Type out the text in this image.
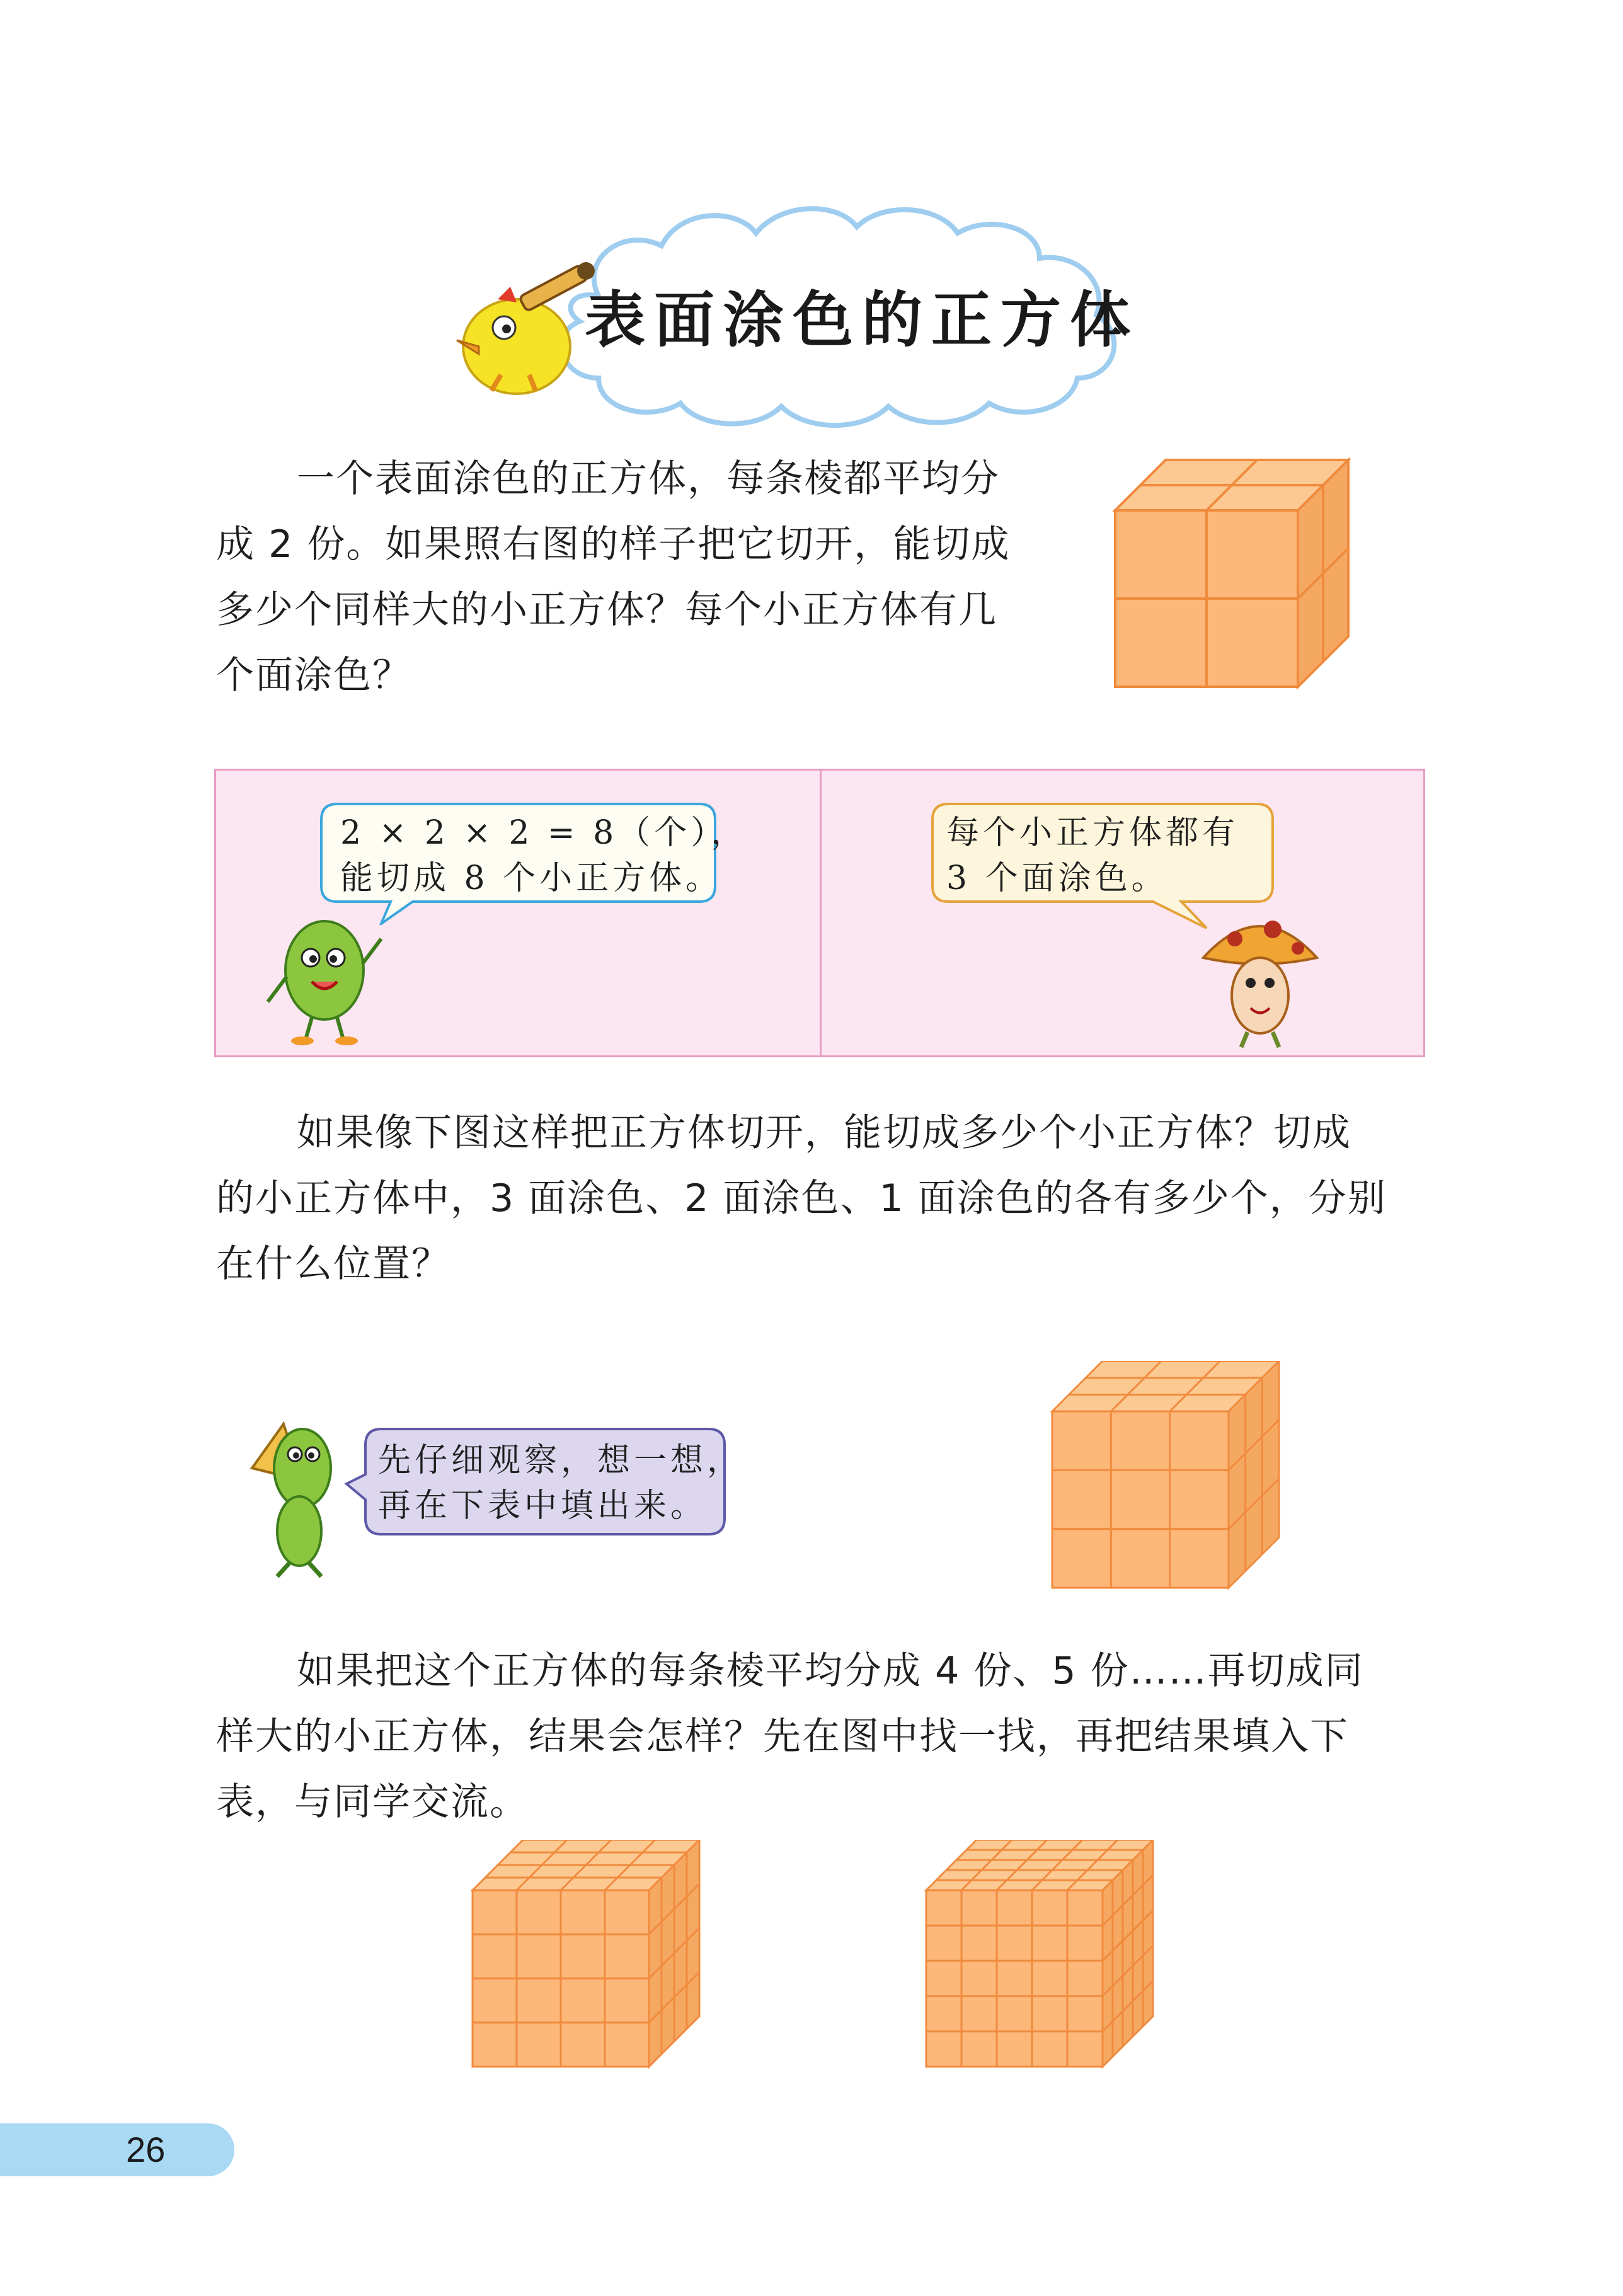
表面涂色的正方体
一个表面涂色的正方体，每条棱都平均分
成 2 份。如果照右图的样子把它切开，能切成
多少个同样大的小正方体？每个小正方体有几
个面涂色？
2 × 2 × 2 = 8（个），
能切成 8 个小正方体。
每个小正方体都有
3 个面涂色。
如果像下图这样把正方体切开，能切成多少个小正方体？切成
的小正方体中，3 面涂色、2 面涂色、1 面涂色的各有多少个，分别
在什么位置？
先仔细观察，想一想，
再在下表中填出来。
如果把这个正方体的每条棱平均分成 4 份、5 份……再切成同
样大的小正方体，结果会怎样？先在图中找一找，再把结果填入下
表，与同学交流。
26
